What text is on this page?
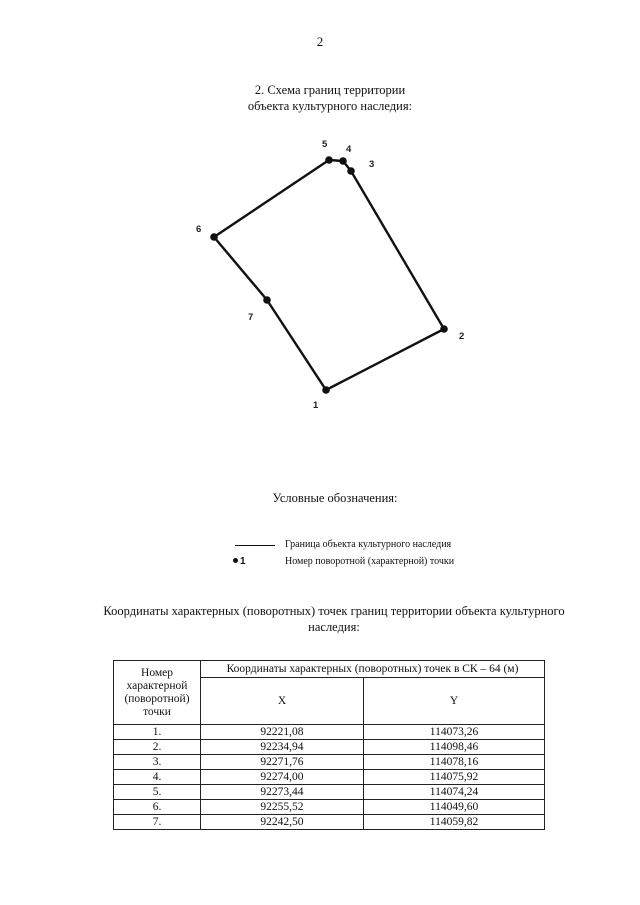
2
2. Схема границ территории
объекта культурного наследия:
1
2
3
4
5
6
7
Условные обозначения:
Граница объекта культурного наследия
1	Номер поворотной (характерной) точки
Координаты характерных (поворотных) точек границ территории объекта культурного
наследия:
Номер характерной (поворотной) точки	Координаты характерных (поворотных) точек в СК – 64 (м)	
	X	Y
1.	92221,08	114073,26
2.	92234,94	114098,46
3.	92271,76	114078,16
4.	92274,00	114075,92
5.	92273,44	114074,24
6.	92255,52	114049,60
7.	92242,50	114059,82
